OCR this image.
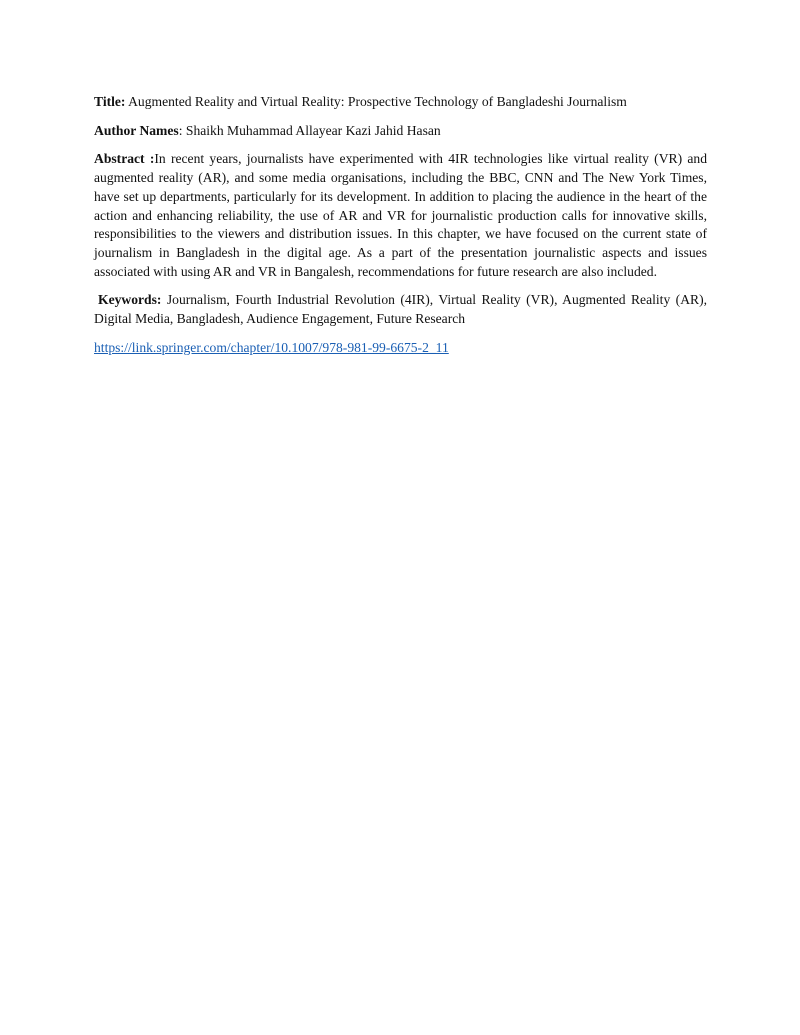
Title: Augmented Reality and Virtual Reality: Prospective Technology of Bangladeshi Journalism

Author Names: Shaikh Muhammad Allayear Kazi Jahid Hasan

Abstract :In recent years, journalists have experimented with 4IR technologies like virtual reality (VR) and augmented reality (AR), and some media organisations, including the BBC, CNN and The New York Times, have set up departments, particularly for its development. In addition to placing the audience in the heart of the action and enhancing reliability, the use of AR and VR for journalistic production calls for innovative skills, responsibilities to the viewers and distribution issues. In this chapter, we have focused on the current state of journalism in Bangladesh in the digital age. As a part of the presentation journalistic aspects and issues associated with using AR and VR in Bangalesh, recommendations for future research are also included.

Keywords: Journalism, Fourth Industrial Revolution (4IR), Virtual Reality (VR), Augmented Reality (AR), Digital Media, Bangladesh, Audience Engagement, Future Research

https://link.springer.com/chapter/10.1007/978-981-99-6675-2_11
